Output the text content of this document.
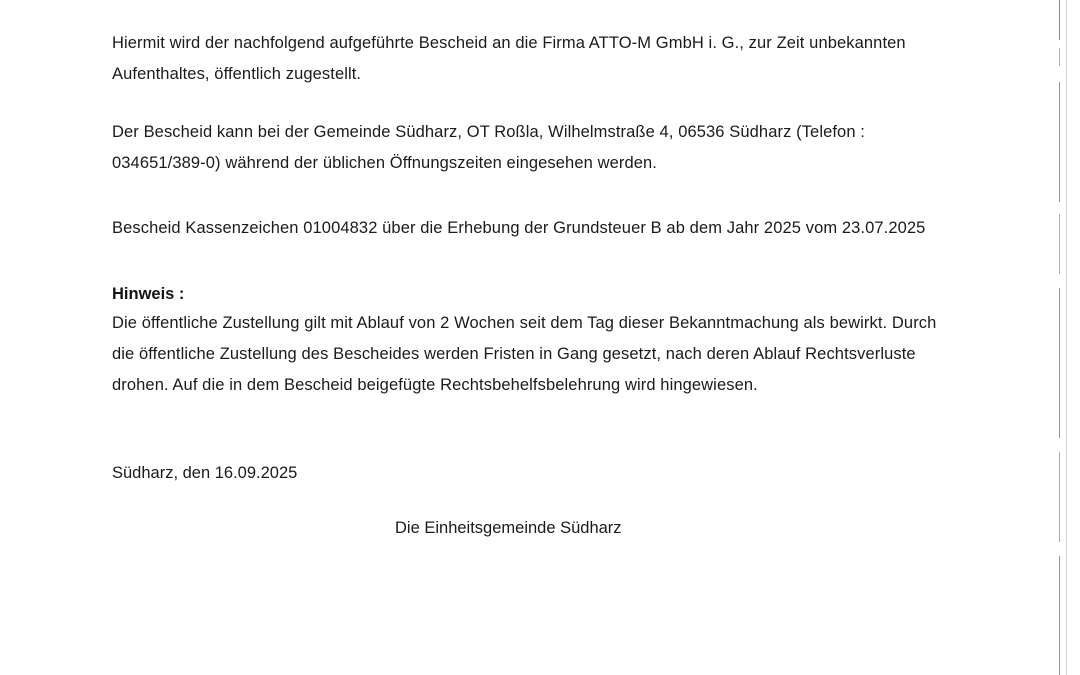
Hiermit wird der nachfolgend aufgeführte Bescheid an die Firma ATTO-M GmbH i. G., zur Zeit unbekannten Aufenthaltes, öffentlich zugestellt.

Der Bescheid kann bei der Gemeinde Südharz, OT Roßla, Wilhelmstraße 4, 06536 Südharz (Telefon : 034651/389-0) während der üblichen Öffnungszeiten eingesehen werden.

Bescheid Kassenzeichen 01004832 über die Erhebung der Grundsteuer B ab dem Jahr 2025 vom 23.07.2025

Hinweis :

Die öffentliche Zustellung gilt mit Ablauf von 2 Wochen seit dem Tag dieser Bekanntmachung als bewirkt. Durch die öffentliche Zustellung des Bescheides werden Fristen in Gang gesetzt, nach deren Ablauf Rechtsverluste drohen. Auf die in dem Bescheid beigefügte Rechtsbehelfsbelehrung wird hingewiesen.

Südharz, den 16.09.2025

Die Einheitsgemeinde Südharz
